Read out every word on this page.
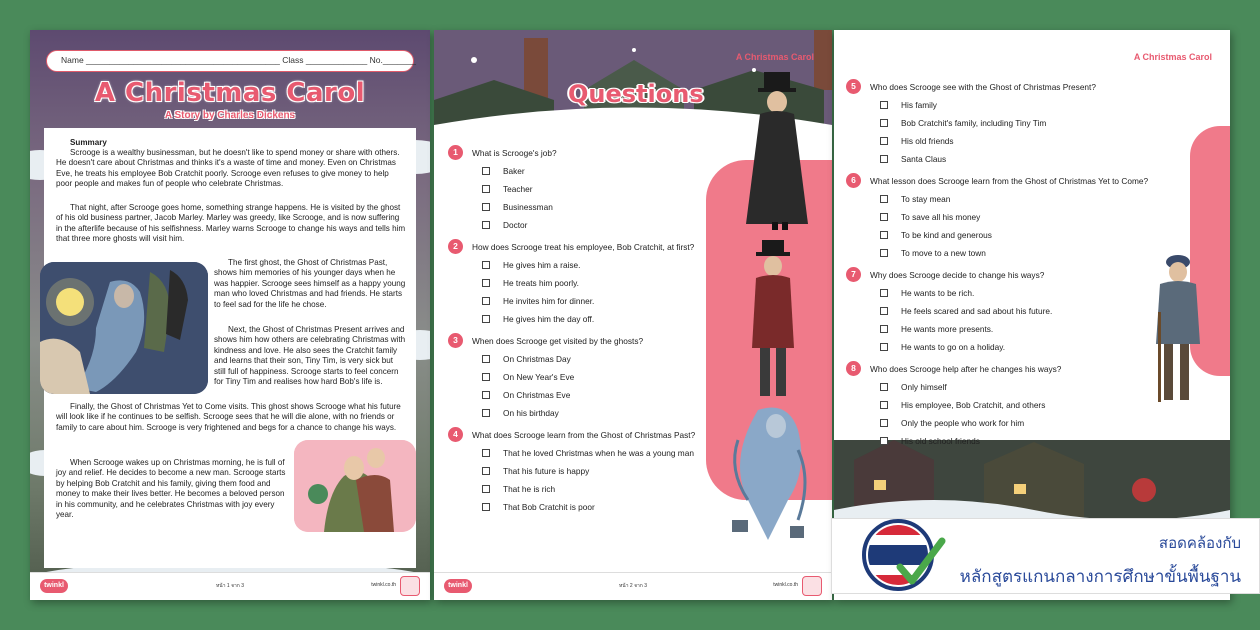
Name _________________________________________ Class _____________ No._______
A Christmas Carol
A Story by Charles Dickens
Summary
Scrooge is a wealthy businessman, but he doesn't like to spend money or share with others. He doesn't care about Christmas and thinks it's a waste of time and money. Even on Christmas Eve, he treats his employee Bob Cratchit poorly. Scrooge even refuses to give money to help poor people and makes fun of people who celebrate Christmas.
That night, after Scrooge goes home, something strange happens. He is visited by the ghost of his old business partner, Jacob Marley. Marley was greedy, like Scrooge, and is now suffering in the afterlife because of his selfishness. Marley warns Scrooge to change his ways and tells him that three more ghosts will visit him.
The first ghost, the Ghost of Christmas Past, shows him memories of his younger days when he was happier. Scrooge sees himself as a happy young man who loved Christmas and had friends. He starts to feel sad for the life he chose.
Next, the Ghost of Christmas Present arrives and shows him how others are celebrating Christmas with kindness and love. He also sees the Cratchit family and learns that their son, Tiny Tim, is very sick but still full of happiness. Scrooge starts to feel concern for Tiny Tim and realises how hard Bob's life is.
Finally, the Ghost of Christmas Yet to Come visits. This ghost shows Scrooge what his future will look like if he continues to be selfish. Scrooge sees that he will die alone, with no friends or family to care about him. Scrooge is very frightened and begs for a chance to change his ways.
When Scrooge wakes up on Christmas morning, he is full of joy and relief. He decides to become a new man. Scrooge starts by helping Bob Cratchit and his family, giving them food and money to make their lives better. He becomes a beloved person in his community, and he celebrates Christmas with joy every year.
twinkl	หน้า 1 จาก 3	twinkl.co.th
A Christmas Carol
Questions
1	What is Scrooge's job?
Baker
Teacher
Businessman
Doctor
2	How does Scrooge treat his employee, Bob Cratchit, at first?
He gives him a raise.
He treats him poorly.
He invites him for dinner.
He gives him the day off.
3	When does Scrooge get visited by the ghosts?
On Christmas Day
On New Year's Eve
On Christmas Eve
On his birthday
4	What does Scrooge learn from the Ghost of Christmas Past?
That he loved Christmas when he was a young man
That his future is happy
That he is rich
That Bob Cratchit is poor
twinkl	หน้า 2 จาก 3	twinkl.co.th
A Christmas Carol
5	Who does Scrooge see with the Ghost of Christmas Present?
His family
Bob Cratchit's family, including Tiny Tim
His old friends
Santa Claus
6	What lesson does Scrooge learn from the Ghost of Christmas Yet to Come?
To stay mean
To save all his money
To be kind and generous
To move to a new town
7	Why does Scrooge decide to change his ways?
He wants to be rich.
He feels scared and sad about his future.
He wants more presents.
He wants to go on a holiday.
8	Who does Scrooge help after he changes his ways?
Only himself
His employee, Bob Cratchit, and others
Only the people who work for him
His old school friends
สอดคล้องกับ
หลักสูตรแกนกลางการศึกษาขั้นพื้นฐาน
